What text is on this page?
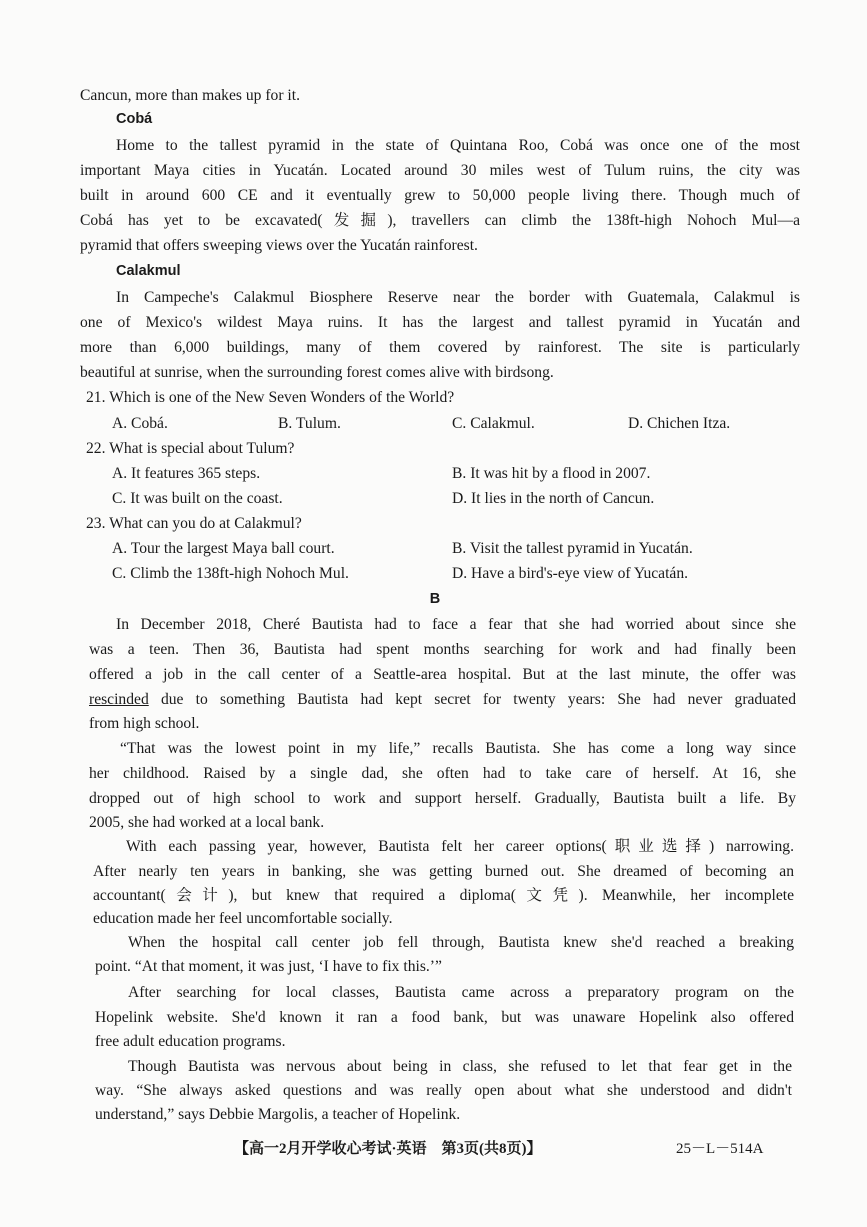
Cancun, more than makes up for it.
Cobá
Home to the tallest pyramid in the state of Quintana Roo, Cobá was once one of the most
important Maya cities in Yucatán. Located around 30 miles west of Tulum ruins, the city was
built in around 600 CE and it eventually grew to 50,000 people living there. Though much of
Cobá has yet to be excavated(发掘), travellers can climb the 138ft-high Nohoch Mul—a
pyramid that offers sweeping views over the Yucatán rainforest.
Calakmul
In Campeche's Calakmul Biosphere Reserve near the border with Guatemala, Calakmul is
one of Mexico's wildest Maya ruins. It has the largest and tallest pyramid in Yucatán and
more than 6,000 buildings, many of them covered by rainforest. The site is particularly
beautiful at sunrise, when the surrounding forest comes alive with birdsong.
21. Which is one of the New Seven Wonders of the World?
A. Cobá.	B. Tulum.	C. Calakmul.	D. Chichen Itza.
22. What is special about Tulum?
A. It features 365 steps.	B. It was hit by a flood in 2007.
C. It was built on the coast.	D. It lies in the north of Cancun.
23. What can you do at Calakmul?
A. Tour the largest Maya ball court.	B. Visit the tallest pyramid in Yucatán.
C. Climb the 138ft-high Nohoch Mul.	D. Have a bird's-eye view of Yucatán.
B
In December 2018, Cheré Bautista had to face a fear that she had worried about since she
was a teen. Then 36, Bautista had spent months searching for work and had finally been
offered a job in the call center of a Seattle-area hospital. But at the last minute, the offer was
rescinded due to something Bautista had kept secret for twenty years: She had never graduated
from high school.
“That was the lowest point in my life,” recalls Bautista. She has come a long way since
her childhood. Raised by a single dad, she often had to take care of herself. At 16, she
dropped out of high school to work and support herself. Gradually, Bautista built a life. By
2005, she had worked at a local bank.
With each passing year, however, Bautista felt her career options(职业选择) narrowing.
After nearly ten years in banking, she was getting burned out. She dreamed of becoming an
accountant(会计), but knew that required a diploma(文凭). Meanwhile, her incomplete
education made her feel uncomfortable socially.
When the hospital call center job fell through, Bautista knew she'd reached a breaking
point. “At that moment, it was just, ‘I have to fix this.’”
After searching for local classes, Bautista came across a preparatory program on the
Hopelink website. She'd known it ran a food bank, but was unaware Hopelink also offered
free adult education programs.
Though Bautista was nervous about being in class, she refused to let that fear get in the
way. “She always asked questions and was really open about what she understood and didn't
understand,” says Debbie Margolis, a teacher of Hopelink.
【高一2月开学收心考试·英语　第3页(共8页)】	25－L－514A
